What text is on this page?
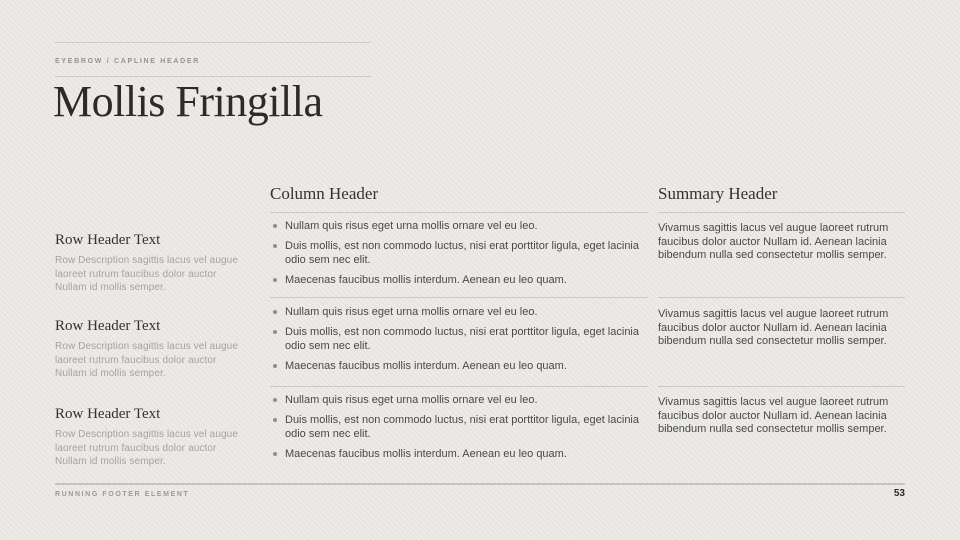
EYEBROW / CAPLINE HEADER
Mollis Fringilla
Column Header	Summary Header
Row Header Text

Row Description sagittis lacus vel augue laoreet rutrum faucibus dolor auctor Nullam id mollis semper.

Nullam quis risus eget urna mollis ornare vel eu leo.
Duis mollis, est non commodo luctus, nisi erat porttitor ligula, eget lacinia odio sem nec elit.
Maecenas faucibus mollis interdum. Aenean eu leo quam.

Vivamus sagittis lacus vel augue laoreet rutrum faucibus dolor auctor Nullam id. Aenean lacinia bibendum nulla sed consectetur mollis semper.

Row Header Text

Row Description sagittis lacus vel augue laoreet rutrum faucibus dolor auctor Nullam id mollis semper.

Nullam quis risus eget urna mollis ornare vel eu leo.
Duis mollis, est non commodo luctus, nisi erat porttitor ligula, eget lacinia odio sem nec elit.
Maecenas faucibus mollis interdum. Aenean eu leo quam.

Vivamus sagittis lacus vel augue laoreet rutrum faucibus dolor auctor Nullam id. Aenean lacinia bibendum nulla sed consectetur mollis semper.

Row Header Text

Row Description sagittis lacus vel augue laoreet rutrum faucibus dolor auctor Nullam id mollis semper.

Nullam quis risus eget urna mollis ornare vel eu leo.
Duis mollis, est non commodo luctus, nisi erat porttitor ligula, eget lacinia odio sem nec elit.
Maecenas faucibus mollis interdum. Aenean eu leo quam.

Vivamus sagittis lacus vel augue laoreet rutrum faucibus dolor auctor Nullam id. Aenean lacinia bibendum nulla sed consectetur mollis semper.

RUNNING FOOTER ELEMENT	53
